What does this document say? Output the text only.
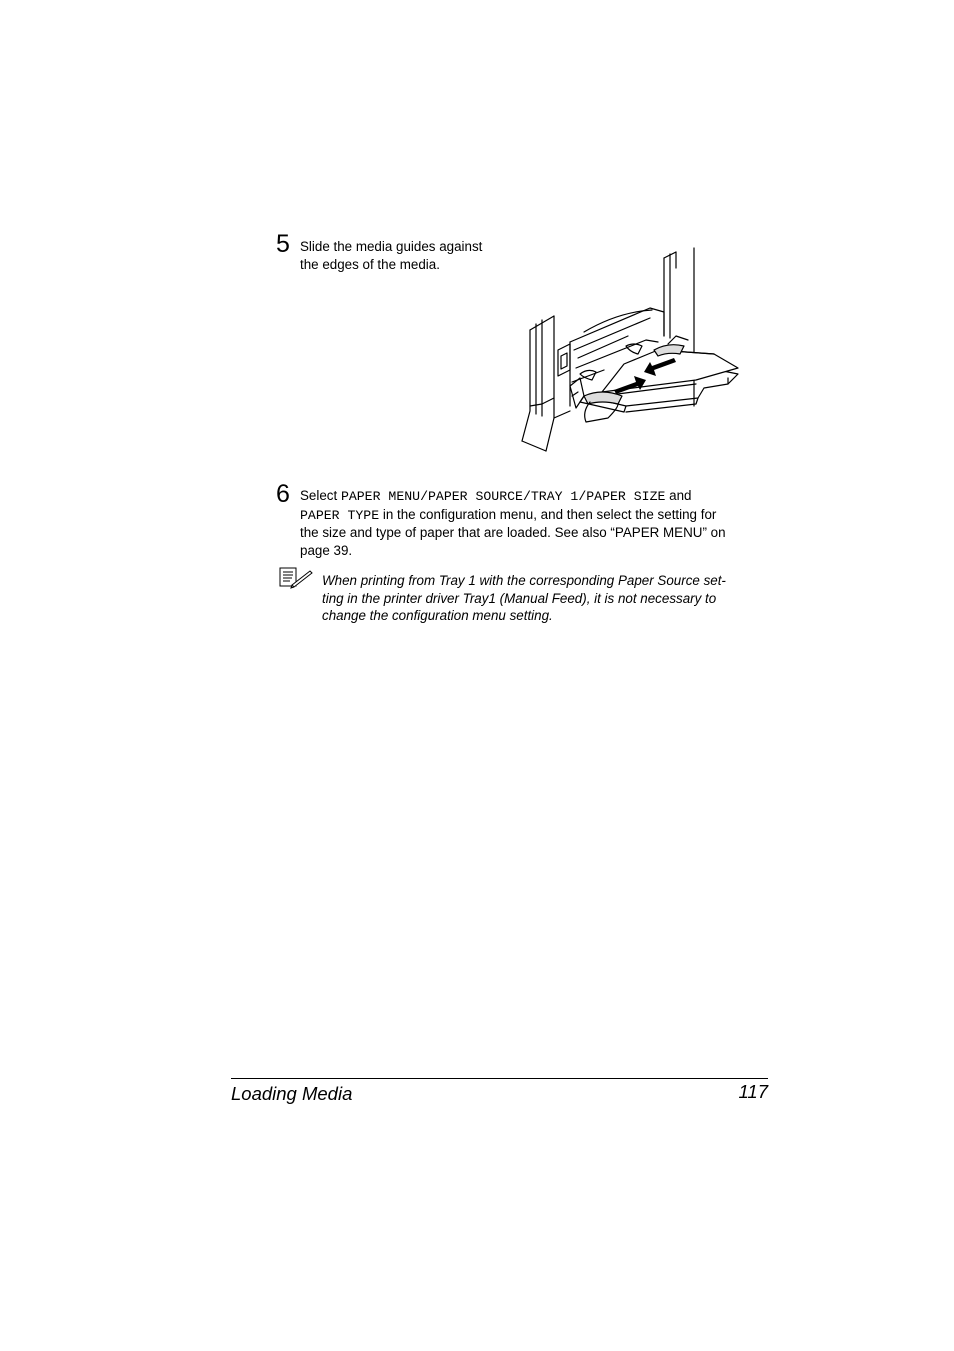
5 Slide the media guides against
the edges of the media.
6 Select PAPER MENU/PAPER SOURCE/TRAY 1/PAPER SIZE and
PAPER TYPE in the configuration menu, and then select the setting for
the size and type of paper that are loaded. See also “PAPER MENU” on
page 39.
When printing from Tray 1 with the corresponding Paper Source set-
ting in the printer driver Tray1 (Manual Feed), it is not necessary to
change the configuration menu setting.
Loading Media	117
